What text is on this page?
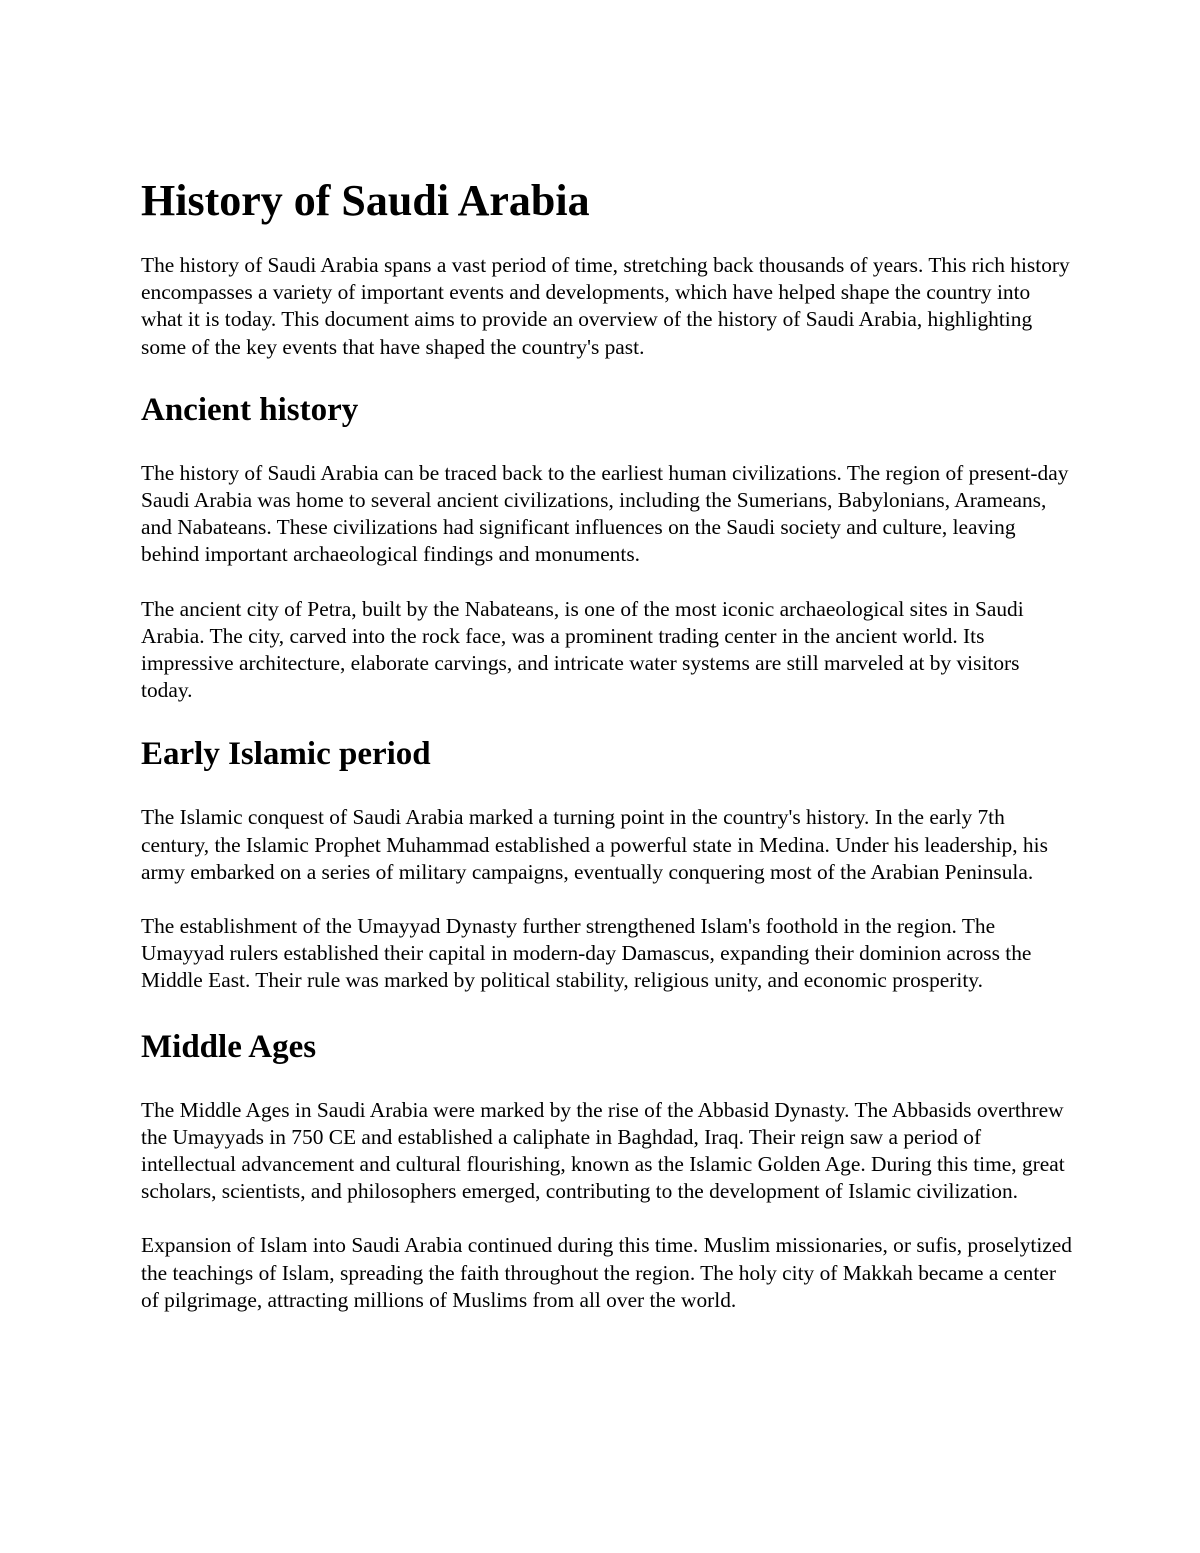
History of Saudi Arabia

The history of Saudi Arabia spans a vast period of time, stretching back thousands of years. This rich history encompasses a variety of important events and developments, which have helped shape the country into what it is today. This document aims to provide an overview of the history of Saudi Arabia, highlighting some of the key events that have shaped the country's past.

Ancient history

The history of Saudi Arabia can be traced back to the earliest human civilizations. The region of present-day Saudi Arabia was home to several ancient civilizations, including the Sumerians, Babylonians, Arameans, and Nabateans. These civilizations had significant influences on the Saudi society and culture, leaving behind important archaeological findings and monuments.

The ancient city of Petra, built by the Nabateans, is one of the most iconic archaeological sites in Saudi Arabia. The city, carved into the rock face, was a prominent trading center in the ancient world. Its impressive architecture, elaborate carvings, and intricate water systems are still marveled at by visitors today.

Early Islamic period

The Islamic conquest of Saudi Arabia marked a turning point in the country's history. In the early 7th century, the Islamic Prophet Muhammad established a powerful state in Medina. Under his leadership, his army embarked on a series of military campaigns, eventually conquering most of the Arabian Peninsula.

The establishment of the Umayyad Dynasty further strengthened Islam's foothold in the region. The Umayyad rulers established their capital in modern-day Damascus, expanding their dominion across the Middle East. Their rule was marked by political stability, religious unity, and economic prosperity.

Middle Ages

The Middle Ages in Saudi Arabia were marked by the rise of the Abbasid Dynasty. The Abbasids overthrew the Umayyads in 750 CE and established a caliphate in Baghdad, Iraq. Their reign saw a period of intellectual advancement and cultural flourishing, known as the Islamic Golden Age. During this time, great scholars, scientists, and philosophers emerged, contributing to the development of Islamic civilization.

Expansion of Islam into Saudi Arabia continued during this time. Muslim missionaries, or sufis, proselytized the teachings of Islam, spreading the faith throughout the region. The holy city of Makkah became a center of pilgrimage, attracting millions of Muslims from all over the world.
